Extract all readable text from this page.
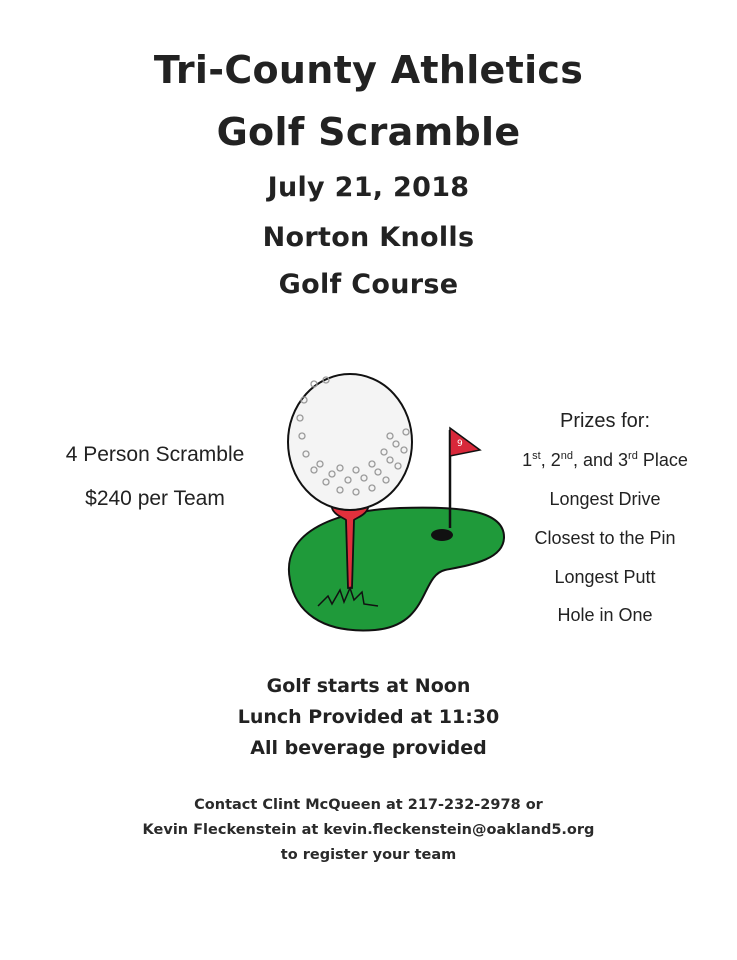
Tri-County Athletics
Golf Scramble
July 21, 2018
Norton Knolls
Golf Course
4 Person Scramble
$240 per Team
Prizes for:
1st, 2nd, and 3rd Place
Longest Drive
Closest to the Pin
Longest Putt
Hole in One
9
Golf starts at Noon
Lunch Provided at 11:30
All beverage provided
Contact Clint McQueen at 217-232-2978 or
Kevin Fleckenstein at kevin.fleckenstein@oakland5.org
to register your team
